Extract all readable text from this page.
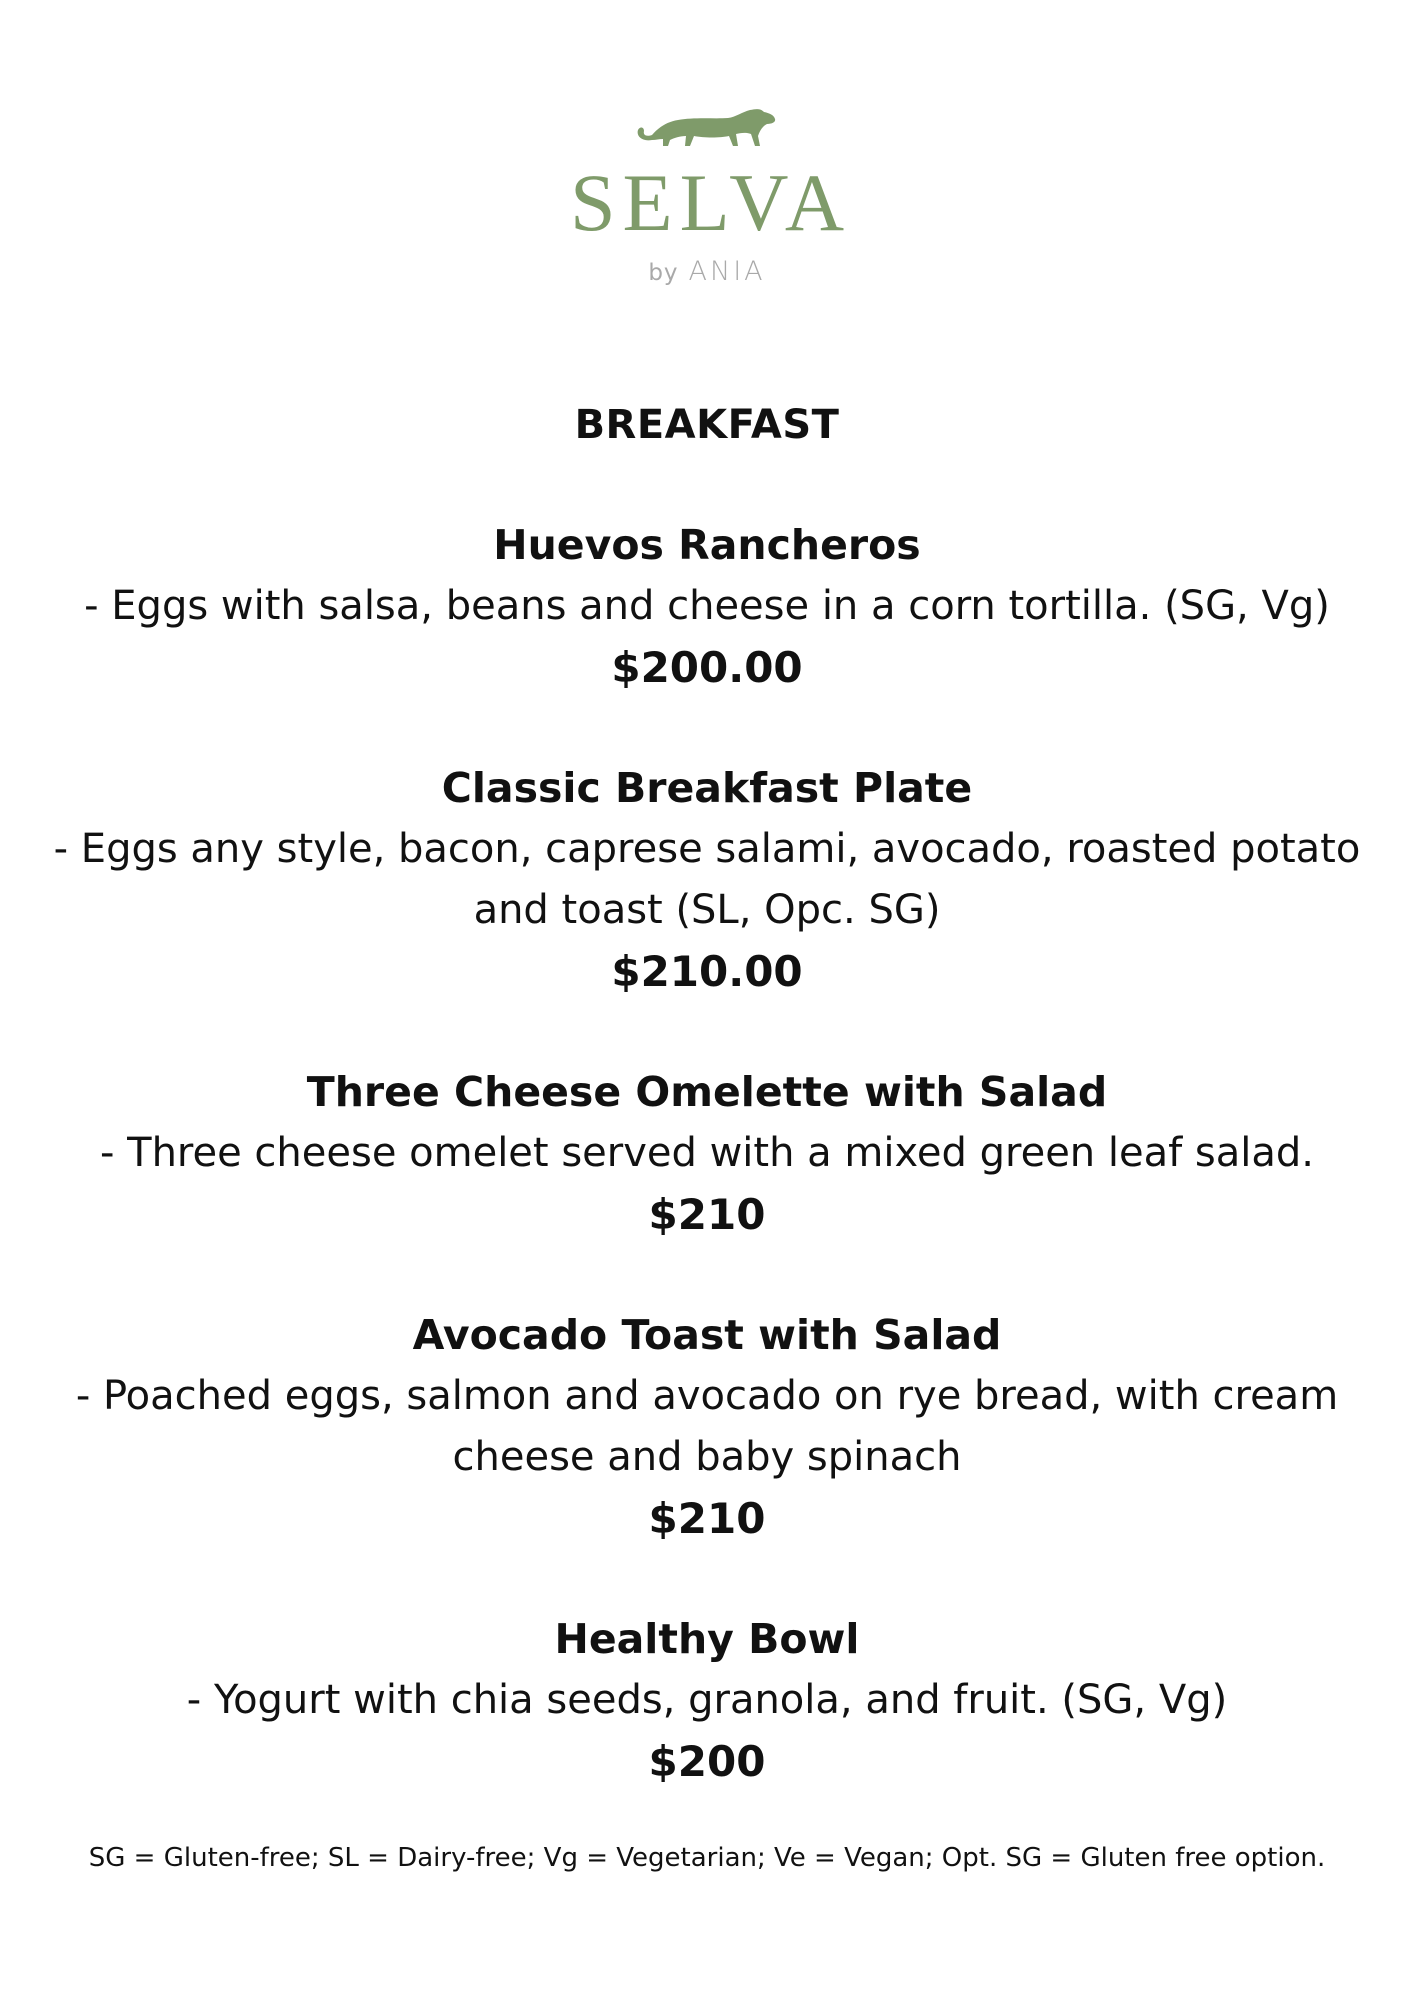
SELVA
by ANIA
BREAKFAST
Huevos Rancheros
- Eggs with salsa, beans and cheese in a corn tortilla. (SG, Vg)
$200.00
Classic Breakfast Plate
- Eggs any style, bacon, caprese salami, avocado, roasted potato and toast (SL, Opc. SG)
$210.00
Three Cheese Omelette with Salad
- Three cheese omelet served with a mixed green leaf salad.
$210
Avocado Toast with Salad
- Poached eggs, salmon and avocado on rye bread, with cream cheese and baby spinach
$210
Healthy Bowl
- Yogurt with chia seeds, granola, and fruit. (SG, Vg)
$200
SG = Gluten-free; SL = Dairy-free; Vg = Vegetarian; Ve = Vegan; Opt. SG = Gluten free option.
